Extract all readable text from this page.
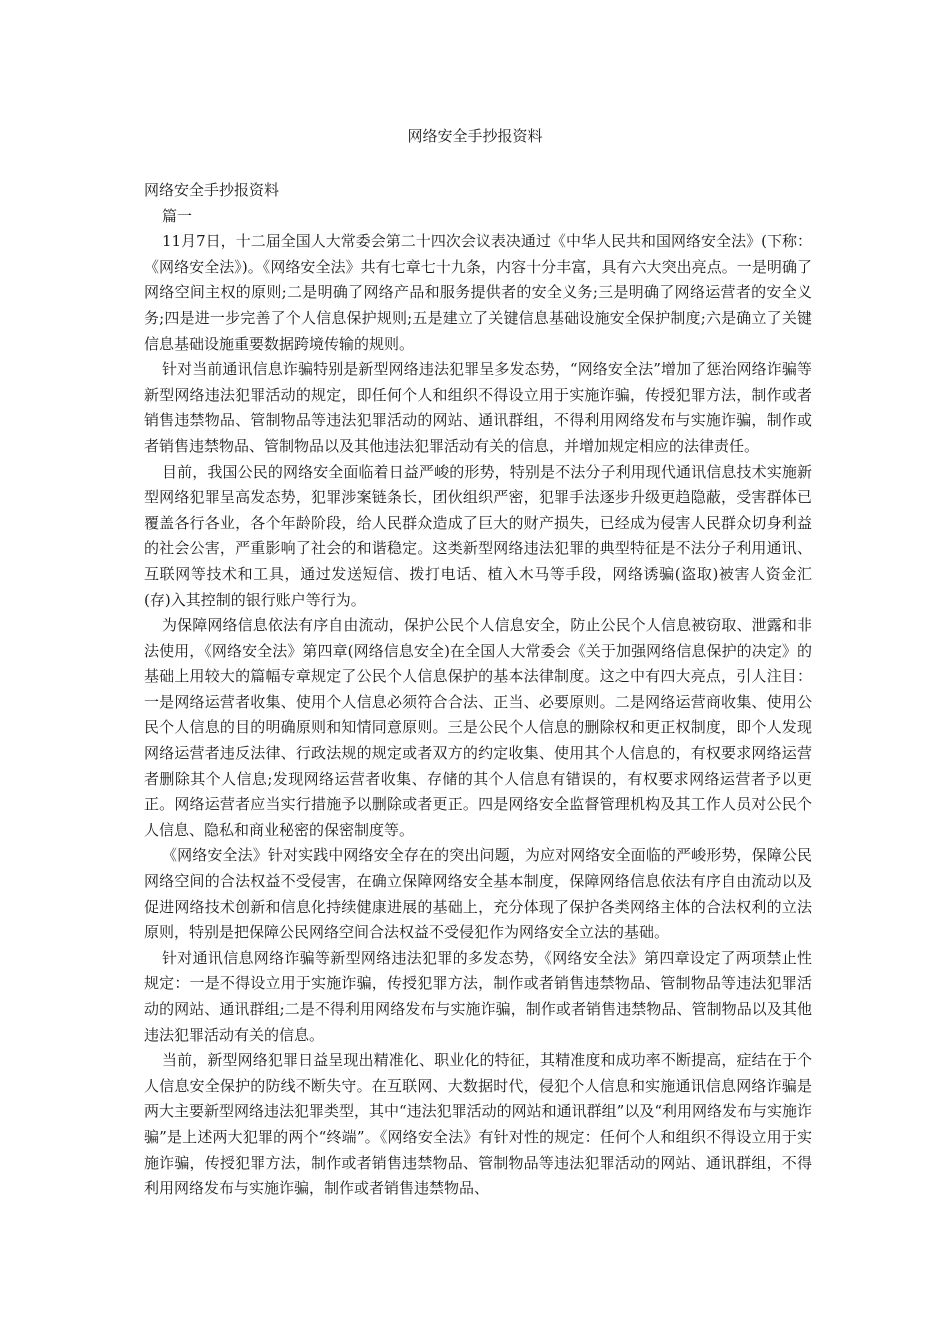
网络安全手抄报资料

网络安全手抄报资料

篇一

11月7日，十二届全国人大常委会第二十四次会议表决通过《中华人民共和国网络安全法》(下称：《网络安全法》)。《网络安全法》共有七章七十九条，内容十分丰富，具有六大突出亮点。一是明确了网络空间主权的原则;二是明确了网络产品和服务提供者的安全义务;三是明确了网络运营者的安全义务;四是进一步完善了个人信息保护规则;五是建立了关键信息基础设施安全保护制度;六是确立了关键信息基础设施重要数据跨境传输的规则。

针对当前通讯信息诈骗特别是新型网络违法犯罪呈多发态势，“网络安全法”增加了惩治网络诈骗等新型网络违法犯罪活动的规定，即任何个人和组织不得设立用于实施诈骗，传授犯罪方法，制作或者销售违禁物品、管制物品等违法犯罪活动的网站、通讯群组，不得利用网络发布与实施诈骗，制作或者销售违禁物品、管制物品以及其他违法犯罪活动有关的信息，并增加规定相应的法律责任。

目前，我国公民的网络安全面临着日益严峻的形势，特别是不法分子利用现代通讯信息技术实施新型网络犯罪呈高发态势，犯罪涉案链条长，团伙组织严密，犯罪手法逐步升级更趋隐蔽，受害群体已覆盖各行各业，各个年龄阶段，给人民群众造成了巨大的财产损失，已经成为侵害人民群众切身利益的社会公害，严重影响了社会的和谐稳定。这类新型网络违法犯罪的典型特征是不法分子利用通讯、互联网等技术和工具，通过发送短信、拨打电话、植入木马等手段，网络诱骗(盗取)被害人资金汇(存)入其控制的银行账户等行为。

为保障网络信息依法有序自由流动，保护公民个人信息安全，防止公民个人信息被窃取、泄露和非法使用，《网络安全法》第四章(网络信息安全)在全国人大常委会《关于加强网络信息保护的决定》的基础上用较大的篇幅专章规定了公民个人信息保护的基本法律制度。这之中有四大亮点，引人注目：一是网络运营者收集、使用个人信息必须符合合法、正当、必要原则。二是网络运营商收集、使用公民个人信息的目的明确原则和知情同意原则。三是公民个人信息的删除权和更正权制度，即个人发现网络运营者违反法律、行政法规的规定或者双方的约定收集、使用其个人信息的，有权要求网络运营者删除其个人信息;发现网络运营者收集、存储的其个人信息有错误的，有权要求网络运营者予以更正。网络运营者应当实行措施予以删除或者更正。四是网络安全监督管理机构及其工作人员对公民个人信息、隐私和商业秘密的保密制度等。

《网络安全法》针对实践中网络安全存在的突出问题，为应对网络安全面临的严峻形势，保障公民网络空间的合法权益不受侵害，在确立保障网络安全基本制度，保障网络信息依法有序自由流动以及促进网络技术创新和信息化持续健康进展的基础上，充分体现了保护各类网络主体的合法权利的立法原则，特别是把保障公民网络空间合法权益不受侵犯作为网络安全立法的基础。

针对通讯信息网络诈骗等新型网络违法犯罪的多发态势，《网络安全法》第四章设定了两项禁止性规定：一是不得设立用于实施诈骗，传授犯罪方法，制作或者销售违禁物品、管制物品等违法犯罪活动的网站、通讯群组;二是不得利用网络发布与实施诈骗，制作或者销售违禁物品、管制物品以及其他违法犯罪活动有关的信息。

当前，新型网络犯罪日益呈现出精准化、职业化的特征，其精准度和成功率不断提高，症结在于个人信息安全保护的防线不断失守。在互联网、大数据时代，侵犯个人信息和实施通讯信息网络诈骗是两大主要新型网络违法犯罪类型，其中“违法犯罪活动的网站和通讯群组”以及“利用网络发布与实施诈骗”是上述两大犯罪的两个“终端”。《网络安全法》有针对性的规定：任何个人和组织不得设立用于实施诈骗，传授犯罪方法，制作或者销售违禁物品、管制物品等违法犯罪活动的网站、通讯群组，不得利用网络发布与实施诈骗，制作或者销售违禁物品、
